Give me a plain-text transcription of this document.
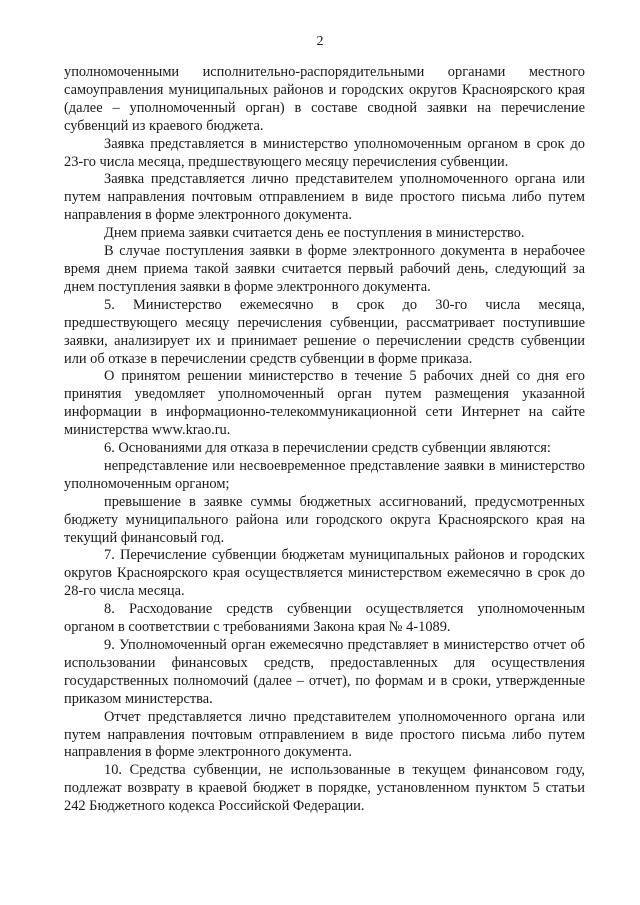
2

уполномоченными исполнительно-распорядительными органами местного самоуправления муниципальных районов и городских округов Красноярского края (далее – уполномоченный орган) в составе сводной заявки на перечисление субвенций из краевого бюджета.

Заявка представляется в министерство уполномоченным органом в срок до 23-го числа месяца, предшествующего месяцу перечисления субвенции.

Заявка представляется лично представителем уполномоченного органа или путем направления почтовым отправлением в виде простого письма либо путем направления в форме электронного документа.

Днем приема заявки считается день ее поступления в министерство.

В случае поступления заявки в форме электронного документа в нерабочее время днем приема такой заявки считается первый рабочий день, следующий за днем поступления заявки в форме электронного документа.

5. Министерство ежемесячно в срок до 30-го числа месяца, предшествующего месяцу перечисления субвенции, рассматривает поступившие заявки, анализирует их и принимает решение о перечислении средств субвенции или об отказе в перечислении средств субвенции в форме приказа.

О принятом решении министерство в течение 5 рабочих дней со дня его принятия уведомляет уполномоченный орган путем размещения указанной информации в информационно-телекоммуникационной сети Интернет на сайте министерства www.krao.ru.

6. Основаниями для отказа в перечислении средств субвенции являются:

непредставление или несвоевременное представление заявки в министерство уполномоченным органом;

превышение в заявке суммы бюджетных ассигнований, предусмотренных бюджету муниципального района или городского округа Красноярского края на текущий финансовый год.

7. Перечисление субвенции бюджетам муниципальных районов и городских округов Красноярского края осуществляется министерством ежемесячно в срок до 28-го числа месяца.

8. Расходование средств субвенции осуществляется уполномоченным органом в соответствии с требованиями Закона края № 4-1089.

9. Уполномоченный орган ежемесячно представляет в министерство отчет об использовании финансовых средств, предоставленных для осуществления государственных полномочий (далее – отчет), по формам и в сроки, утвержденные приказом министерства.

Отчет представляется лично представителем уполномоченного органа или путем направления почтовым отправлением в виде простого письма либо путем направления в форме электронного документа.

10. Средства субвенции, не использованные в текущем финансовом году, подлежат возврату в краевой бюджет в порядке, установленном пунктом 5 статьи 242 Бюджетного кодекса Российской Федерации.
